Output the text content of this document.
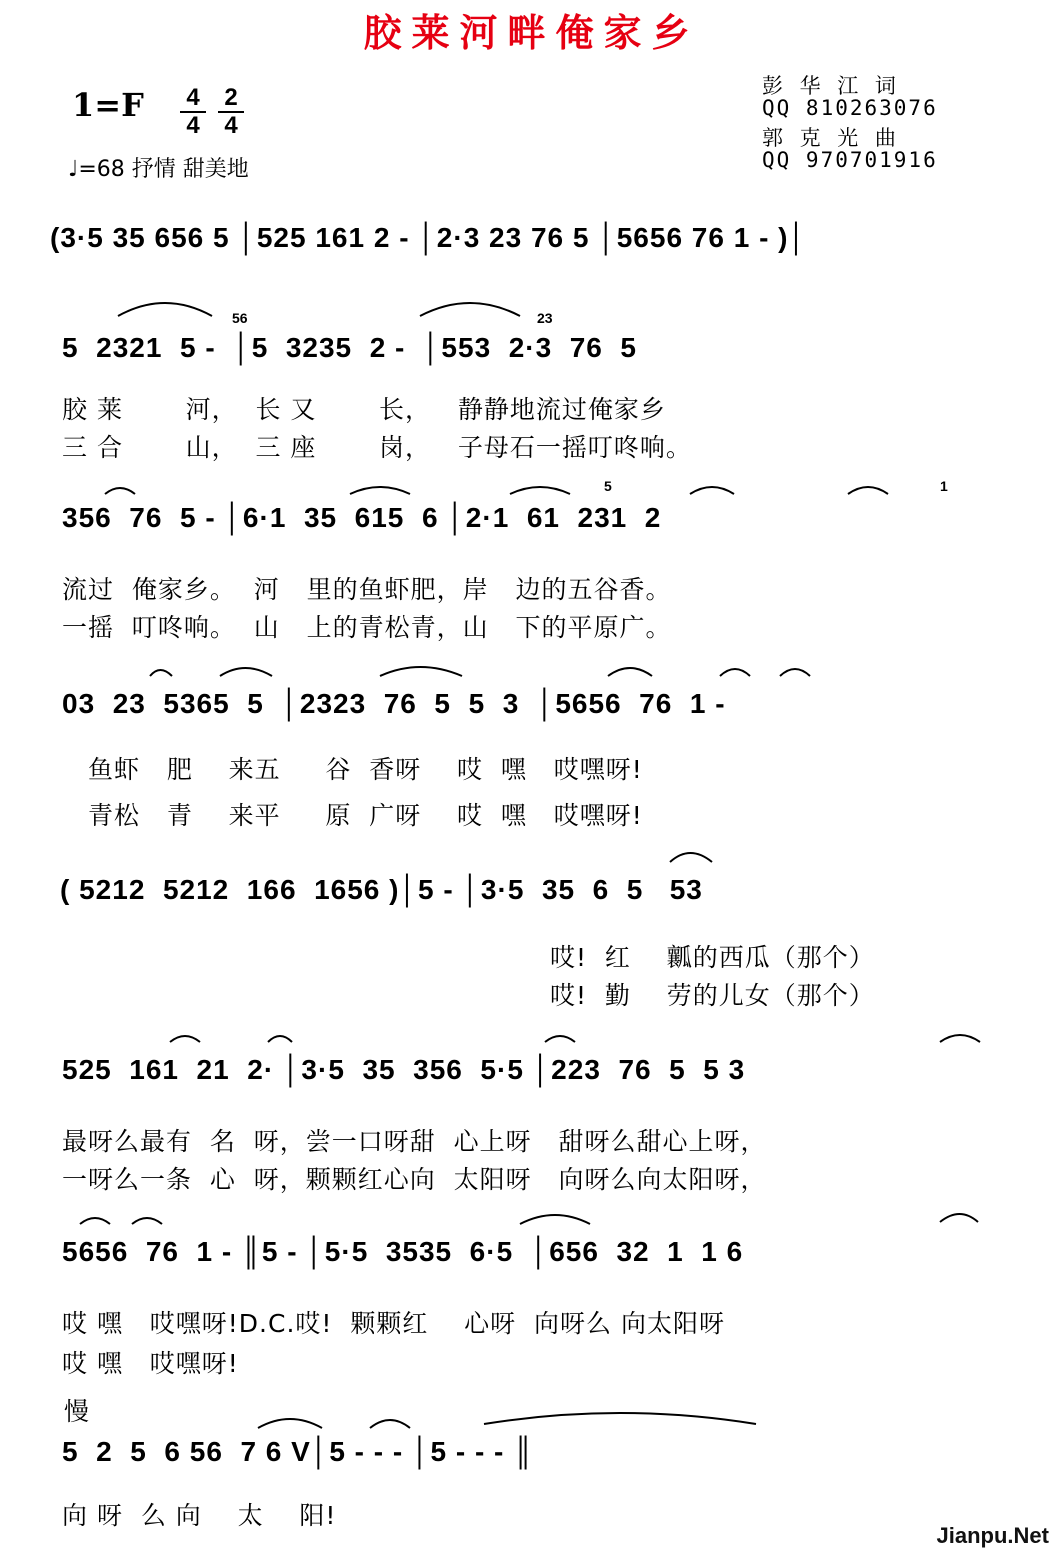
胶莱河畔俺家乡
1=F 4
4
2
4
♩=68 抒情 甜美地
彭 华 江 词
QQ 810263076
郭 克 光 曲
QQ 970701916
(3·5 35 656 5 │525 161 2 - │2·3 23 76 5 │5656 76 1 - )│
5  2321  5 -  │5  3235  2 -  │553  2·3  76  5
56	23
胶 莱       河，  长 又       长，   静静地流过俺家乡
三 合       山，  三 座       岗，   子母石一摇叮咚响。
356  76  5 - │6·1  35  615  6 │2·1  61  231  2
5	1
流过  俺家乡。  河   里的鱼虾肥，岸   边的五谷香。
一摇  叮咚响。  山   上的青松青，山   下的平原广。
03  23  5365  5  │2323  76  5  5  3  │5656  76  1 -
鱼虾   肥    来五     谷  香呀    哎  嘿   哎嘿呀!
青松   青    来平     原  广呀    哎  嘿   哎嘿呀!
( 5212  5212  166  1656 )│5 - │3·5  35  6  5   53
哎!  红    瓤的西瓜（那个）
哎!  勤    劳的儿女（那个）
525  161  21  2· │3·5  35  356  5·5 │223  76  5  5 3
最呀么最有  名  呀，尝一口呀甜  心上呀   甜呀么甜心上呀，
一呀么一条  心  呀，颗颗红心向  太阳呀   向呀么向太阳呀，
5656  76  1 - ║5 - │5·5  3535  6·5  │656  32  1  1 6
哎 嘿   哎嘿呀!D.C.哎!  颗颗红    心呀  向呀么 向太阳呀
哎 嘿   哎嘿呀!
慢
5  2  5  6 56  7 6 V│5 - - - │5 - - - ║
向 呀  么 向    太    阳!
Jianpu.Net
